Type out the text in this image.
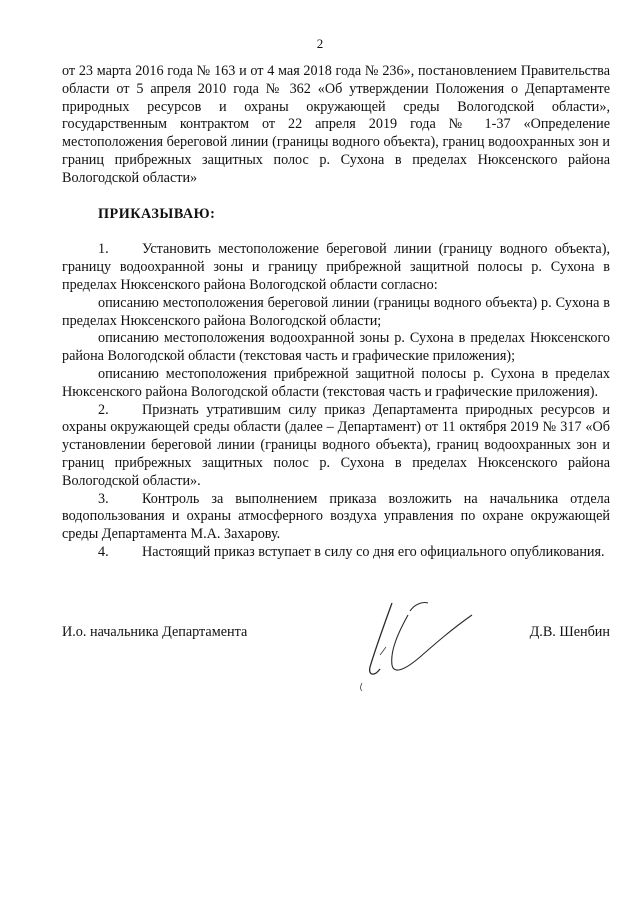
2

от 23 марта 2016 года № 163 и от 4 мая 2018 года № 236», постановлением Правительства области от 5 апреля 2010 года № 362 «Об утверждении Положения о Департаменте природных ресурсов и охраны окружающей среды Вологодской области», государственным контрактом от 22 апреля 2019 года № 1-37 «Определение местоположения береговой линии (границы водного объекта), границ водоохранных зон и границ прибрежных защитных полос р. Сухона в пределах Нюксенского района Вологодской области»

ПРИКАЗЫВАЮ:

1. Установить местоположение береговой линии (границу водного объекта), границу водоохранной зоны и границу прибрежной защитной полосы р. Сухона в пределах Нюксенского района Вологодской области согласно:

описанию местоположения береговой линии (границы водного объекта) р. Сухона в пределах Нюксенского района Вологодской области;

описанию местоположения водоохранной зоны р. Сухона в пределах Нюксенского района Вологодской области (текстовая часть и графические приложения);

описанию местоположения прибрежной защитной полосы р. Сухона в пределах Нюксенского района Вологодской области (текстовая часть и графические приложения).

2. Признать утратившим силу приказ Департамента природных ресурсов и охраны окружающей среды области (далее – Департамент) от 11 октября 2019 № 317 «Об установлении береговой линии (границы водного объекта), границ водоохранных зон и границ прибрежных защитных полос р. Сухона в пределах Нюксенского района Вологодской области».

3. Контроль за выполнением приказа возложить на начальника отдела водопользования и охраны атмосферного воздуха управления по охране окружающей среды Департамента М.А. Захарову.

4. Настоящий приказ вступает в силу со дня его официального опубликования.

И.о. начальника Департамента	Д.В. Шенбин
